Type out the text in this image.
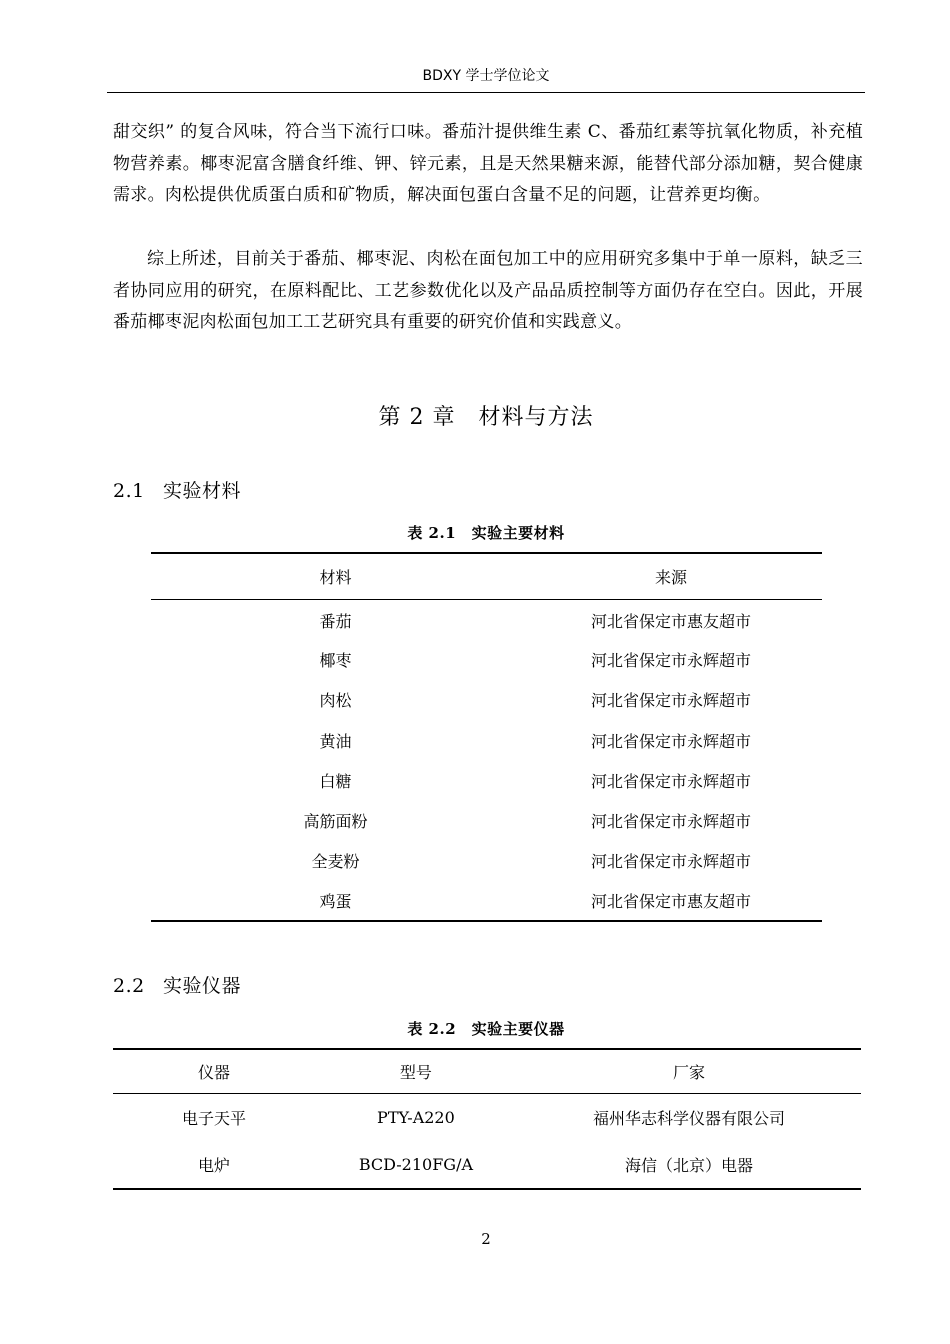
BDXY 学士学位论文

甜交织” 的复合风味，符合当下流行口味。番茄汁提供维生素 C、番茄红素等抗氧化物质，补充植物营养素。椰枣泥富含膳食纤维、钾、锌元素，且是天然果糖来源，能替代部分添加糖，契合健康需求。肉松提供优质蛋白质和矿物质，解决面包蛋白含量不足的问题，让营养更均衡。

综上所述，目前关于番茄、椰枣泥、肉松在面包加工中的应用研究多集中于单一原料，缺乏三者协同应用的研究，在原料配比、工艺参数优化以及产品品质控制等方面仍存在空白。因此，开展番茄椰枣泥肉松面包加工工艺研究具有重要的研究价值和实践意义。

第 2 章　材料与方法
2.1 实验材料
表 2.1　实验主要材料
材料	来源
番茄	河北省保定市惠友超市
椰枣	河北省保定市永辉超市
肉松	河北省保定市永辉超市
黄油	河北省保定市永辉超市
白糖	河北省保定市永辉超市
高筋面粉	河北省保定市永辉超市
全麦粉	河北省保定市永辉超市
鸡蛋	河北省保定市惠友超市
2.2 实验仪器
表 2.2　实验主要仪器
仪器	型号	厂家
电子天平	PTY-A220	福州华志科学仪器有限公司
电炉	BCD-210FG/A	海信（北京）电器
2
